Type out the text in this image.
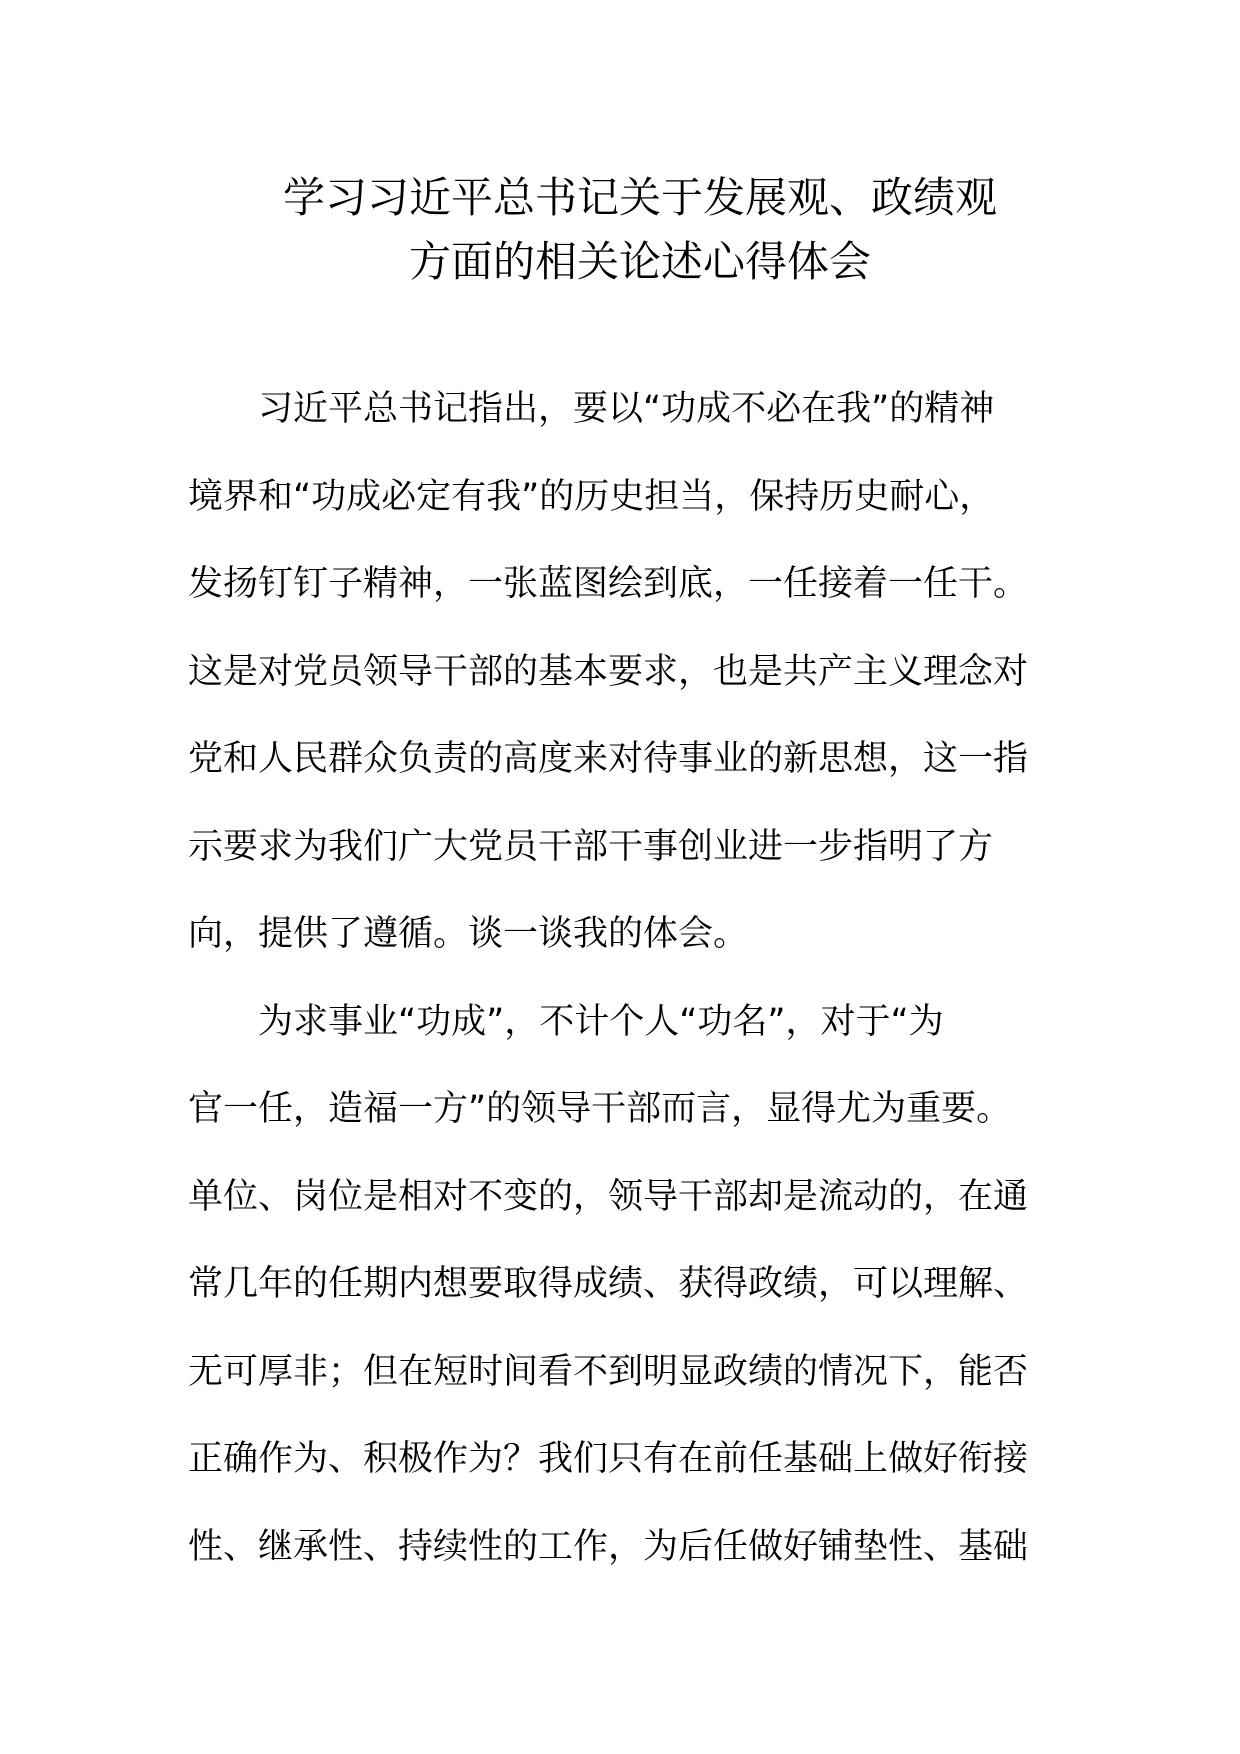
学习习近平总书记关于发展观、政绩观
方面的相关论述心得体会

习近平总书记指出，要以“功成不必在我”的精神
境界和“功成必定有我”的历史担当，保持历史耐心，
发扬钉钉子精神，一张蓝图绘到底，一任接着一任干。
这是对党员领导干部的基本要求，也是共产主义理念对
党和人民群众负责的高度来对待事业的新思想，这一指
示要求为我们广大党员干部干事创业进一步指明了方
向，提供了遵循。谈一谈我的体会。

为求事业“功成”，不计个人“功名”，对于“为
官一任，造福一方”的领导干部而言，显得尤为重要。
单位、岗位是相对不变的，领导干部却是流动的，在通
常几年的任期内想要取得成绩、获得政绩，可以理解、
无可厚非；但在短时间看不到明显政绩的情况下，能否
正确作为、积极作为？我们只有在前任基础上做好衔接
性、继承性、持续性的工作，为后任做好铺垫性、基础
